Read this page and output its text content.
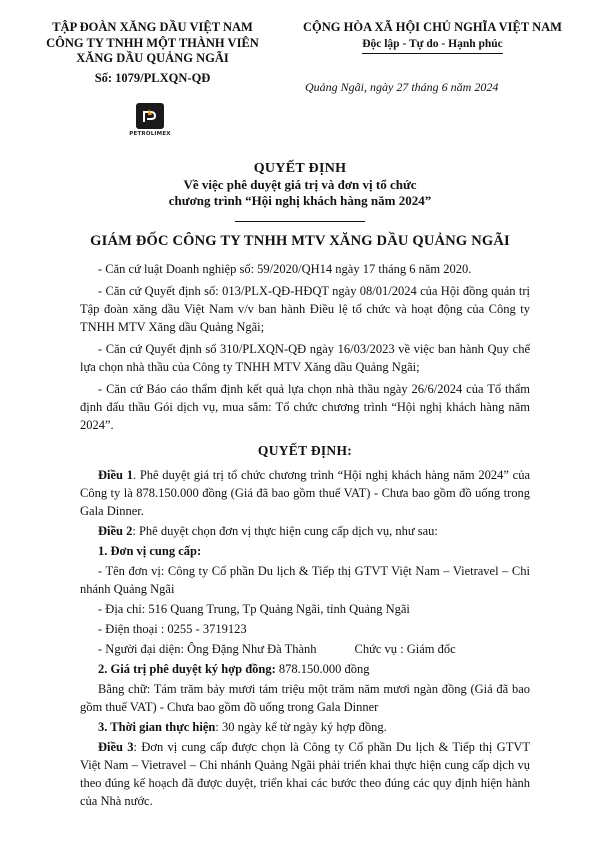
TẬP ĐOÀN XĂNG DẦU VIỆT NAM
CÔNG TY TNHH MỘT THÀNH VIÊN
XĂNG DẦU QUẢNG NGÃI
Số: 1079/PLXQN-QĐ
CỘNG HÒA XÃ HỘI CHỦ NGHĨA VIỆT NAM
Độc lập - Tự do - Hạnh phúc
Quảng Ngãi, ngày 27 tháng 6 năm 2024
PETROLIMEX
QUYẾT ĐỊNH
Về việc phê duyệt giá trị và đơn vị tổ chức
chương trình “Hội nghị khách hàng năm 2024”
GIÁM ĐỐC CÔNG TY TNHH MTV XĂNG DẦU QUẢNG NGÃI

- Căn cứ luật Doanh nghiệp số: 59/2020/QH14 ngày 17 tháng 6 năm 2020.

- Căn cứ Quyết định số: 013/PLX-QĐ-HĐQT ngày 08/01/2024 của Hội đồng quản trị Tập đoàn xăng dầu Việt Nam v/v ban hành Điều lệ tổ chức và hoạt động của Công ty TNHH MTV Xăng dầu Quảng Ngãi;

- Căn cứ Quyết định số 310/PLXQN-QĐ ngày 16/03/2023 về việc ban hành Quy chế lựa chọn nhà thầu của Công ty TNHH MTV Xăng dầu Quảng Ngãi;

- Căn cứ Báo cáo thẩm định kết quả lựa chọn nhà thầu ngày 26/6/2024 của Tổ thẩm định đấu thầu Gói dịch vụ, mua sắm: Tổ chức chương trình “Hội nghị khách hàng năm 2024”.

QUYẾT ĐỊNH:

Điều 1. Phê duyệt giá trị tổ chức chương trình “Hội nghị khách hàng năm 2024” của Công ty là 878.150.000 đồng (Giá đã bao gồm thuế VAT) - Chưa bao gồm đồ uống trong Gala Dinner.

Điều 2: Phê duyệt chọn đơn vị thực hiện cung cấp dịch vụ, như sau:

1. Đơn vị cung cấp:

- Tên đơn vị: Công ty Cổ phần Du lịch & Tiếp thị GTVT Việt Nam – Vietravel – Chi nhánh Quảng Ngãi

- Địa chỉ: 516 Quang Trung, Tp Quảng Ngãi, tỉnh Quảng Ngãi

- Điện thoại : 0255 - 3719123

- Người đại diện: Ông Đặng Như Đà Thành	Chức vụ : Giám đốc

2. Giá trị phê duyệt ký hợp đồng: 878.150.000 đồng

Bằng chữ: Tám trăm bảy mươi tám triệu một trăm năm mươi ngàn đồng (Giá đã bao gồm thuế VAT) - Chưa bao gồm đồ uống trong Gala Dinner

3. Thời gian thực hiện: 30 ngày kể từ ngày ký hợp đồng.

Điều 3: Đơn vị cung cấp được chọn là Công ty Cổ phần Du lịch & Tiếp thị GTVT Việt Nam – Vietravel – Chi nhánh Quảng Ngãi phải triển khai thực hiện cung cấp dịch vụ theo đúng kế hoạch đã được duyệt, triển khai các bước theo đúng các quy định hiện hành của Nhà nước.
